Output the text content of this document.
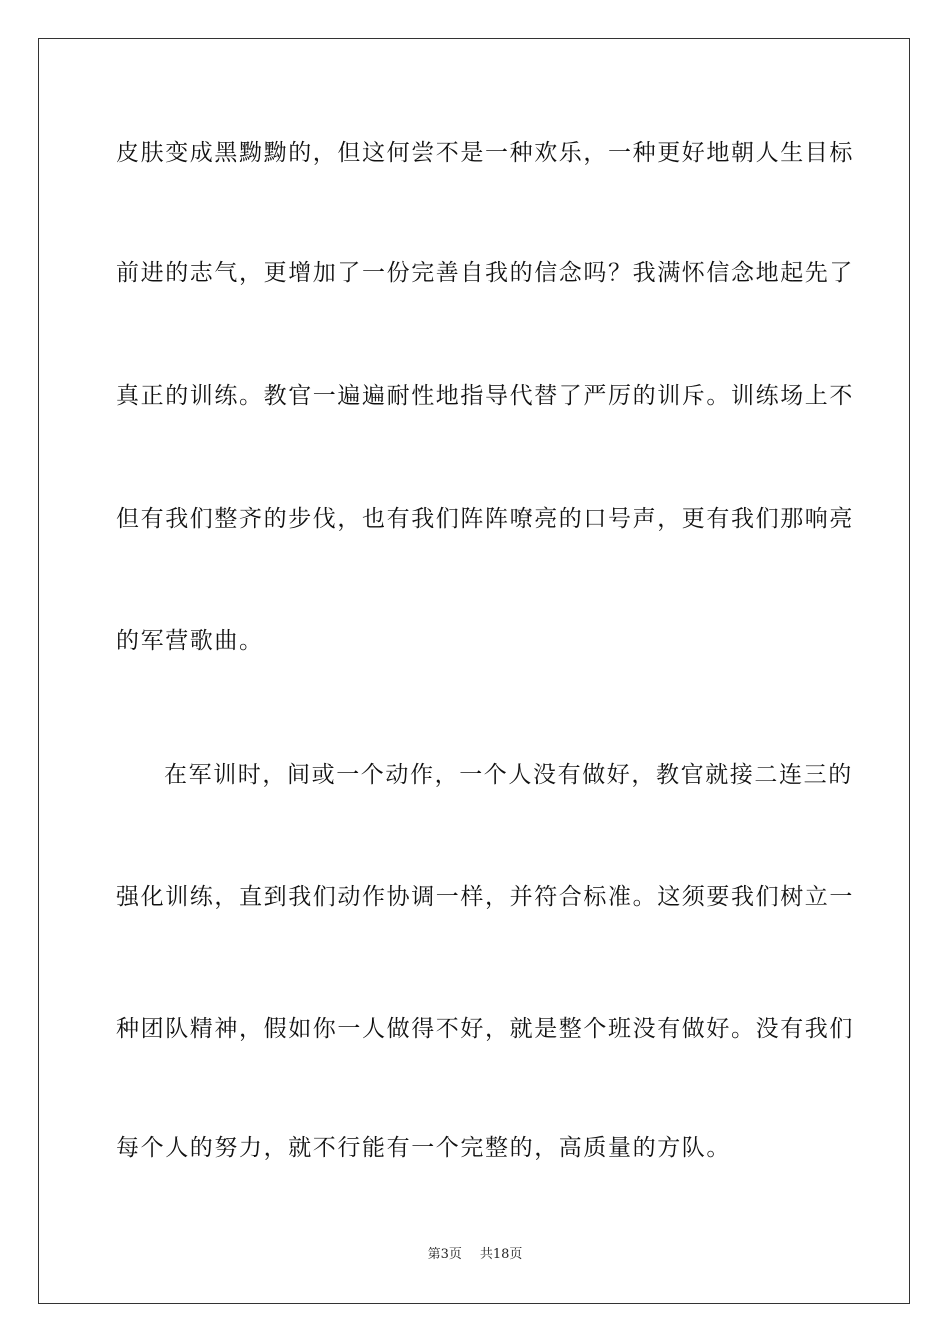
皮肤变成黑黝黝的，但这何尝不是一种欢乐，一种更好地朝人生目标
前进的志气，更增加了一份完善自我的信念吗？我满怀信念地起先了
真正的训练。教官一遍遍耐性地指导代替了严厉的训斥。训练场上不
但有我们整齐的步伐，也有我们阵阵嘹亮的口号声，更有我们那响亮
的军营歌曲。
在军训时，间或一个动作，一个人没有做好，教官就接二连三的
强化训练，直到我们动作协调一样，并符合标准。这须要我们树立一
种团队精神，假如你一人做得不好，就是整个班没有做好。没有我们
每个人的努力，就不行能有一个完整的，高质量的方队。
第3页 共18页
